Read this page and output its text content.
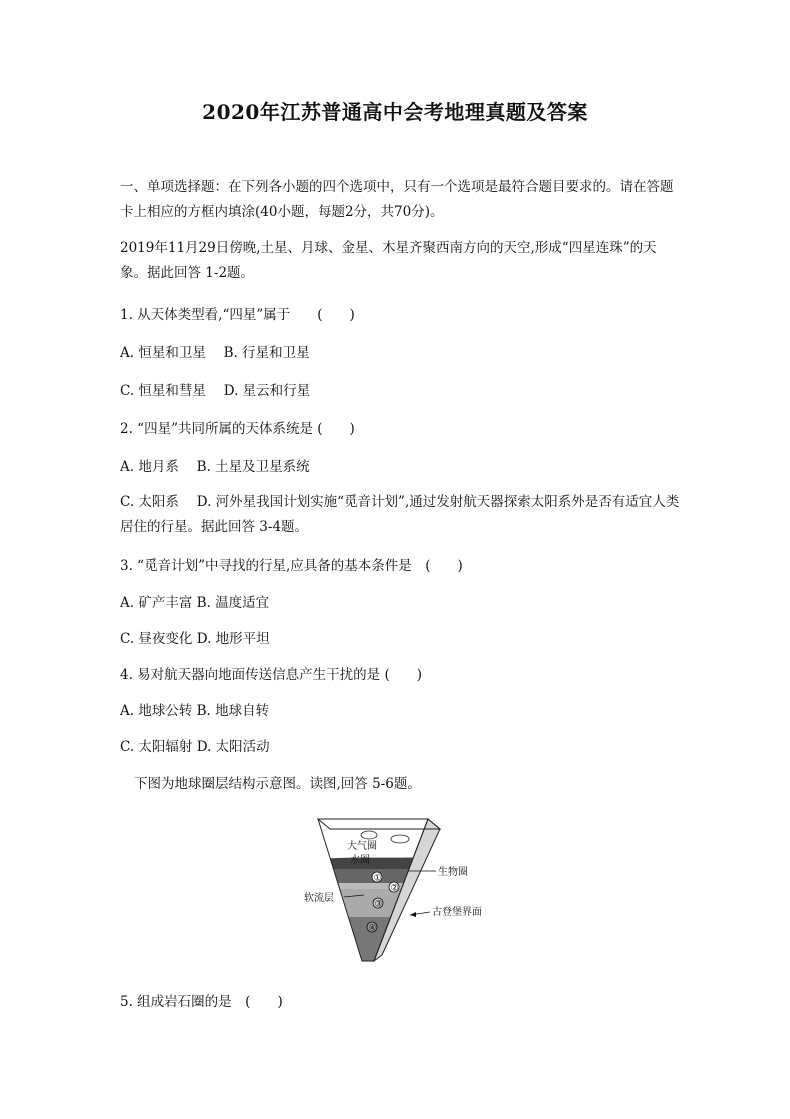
2020年江苏普通高中会考地理真题及答案
一、单项选择题：在下列各小题的四个选项中，只有一个选项是最符合题目要求的。请在答题卡上相应的方框内填涂(40小题，每题2分，共70分)。
2019年11月29日傍晚,土星、月球、金星、木星齐聚西南方向的天空,形成“四星连珠”的天象。据此回答 1-2题。
1. 从天体类型看,“四星”属于　　(　　)
A. 恒星和卫星　 B. 行星和卫星
C. 恒星和彗星　 D. 星云和行星
2. “四星”共同所属的天体系统是 (　　)
A. 地月系　 B. 土星及卫星系统
C. 太阳系　 D. 河外星我国计划实施“觅音计划”,通过发射航天器探索太阳系外是否有适宜人类居住的行星。据此回答 3-4题。
3. “觅音计划”中寻找的行星,应具备的基本条件是　(　　)
A. 矿产丰富 B. 温度适宜
C. 昼夜变化 D. 地形平坦
4. 易对航天器向地面传送信息产生干扰的是 (　　)
A. 地球公转 B. 地球自转
C. 太阳辐射 D. 太阳活动
下图为地球圈层结构示意图。读图,回答 5-6题。
大气圈
水圈
生物圈
软流层
古登堡界面
①
②
③
④
5. 组成岩石圈的是　(　　)
